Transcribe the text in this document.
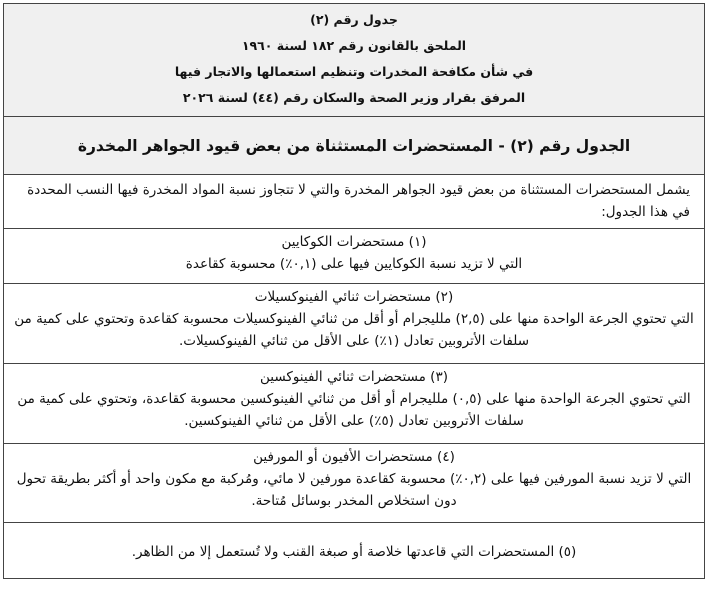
جدول رقم (٢)
الملحق بالقانون رقم ١٨٢ لسنة ١٩٦٠
في شأن مكافحة المخدرات وتنظيم استعمالها والاتجار فيها
المرفق بقرار وزير الصحة والسكان رقم (٤٤) لسنة ٢٠٢٦
الجدول رقم (٢) - المستحضرات المستثناة من بعض قيود الجواهر المخدرة
يشمل المستحضرات المستثناة من بعض قيود الجواهر المخدرة والتي لا تتجاوز نسبة المواد المخدرة فيها النسب المحددة في هذا الجدول:
(١) مستحضرات الكوكايين
التي لا تزيد نسبة الكوكايين فيها على (٠,١٪) محسوبة كقاعدة
(٢) مستحضرات ثنائي الفينوكسيلات
التي تحتوي الجرعة الواحدة منها على (٢,٥) ملليجرام أو أقل من ثنائي الفينوكسيلات محسوبة كقاعدة وتحتوي على كمية من سلفات الأتروبين تعادل (١٪) على الأقل من ثنائي الفينوكسيلات.
(٣) مستحضرات ثنائي الفينوكسين
التي تحتوي الجرعة الواحدة منها على (٠,٥) ملليجرام أو أقل من ثنائي الفينوكسين محسوبة كقاعدة، وتحتوي على كمية من سلفات الأتروبين تعادل (٥٪) على الأقل من ثنائي الفينوكسين.
(٤) مستحضرات الأفيون أو المورفين
التي لا تزيد نسبة المورفين فيها على (٠,٢٪) محسوبة كقاعدة مورفين لا مائي، ومُركبة مع مكون واحد أو أكثر بطريقة تحول دون استخلاص المخدر بوسائل مُتاحة.
(٥) المستحضرات التي قاعدتها خلاصة أو صبغة القنب ولا تُستعمل إلا من الظاهر.
